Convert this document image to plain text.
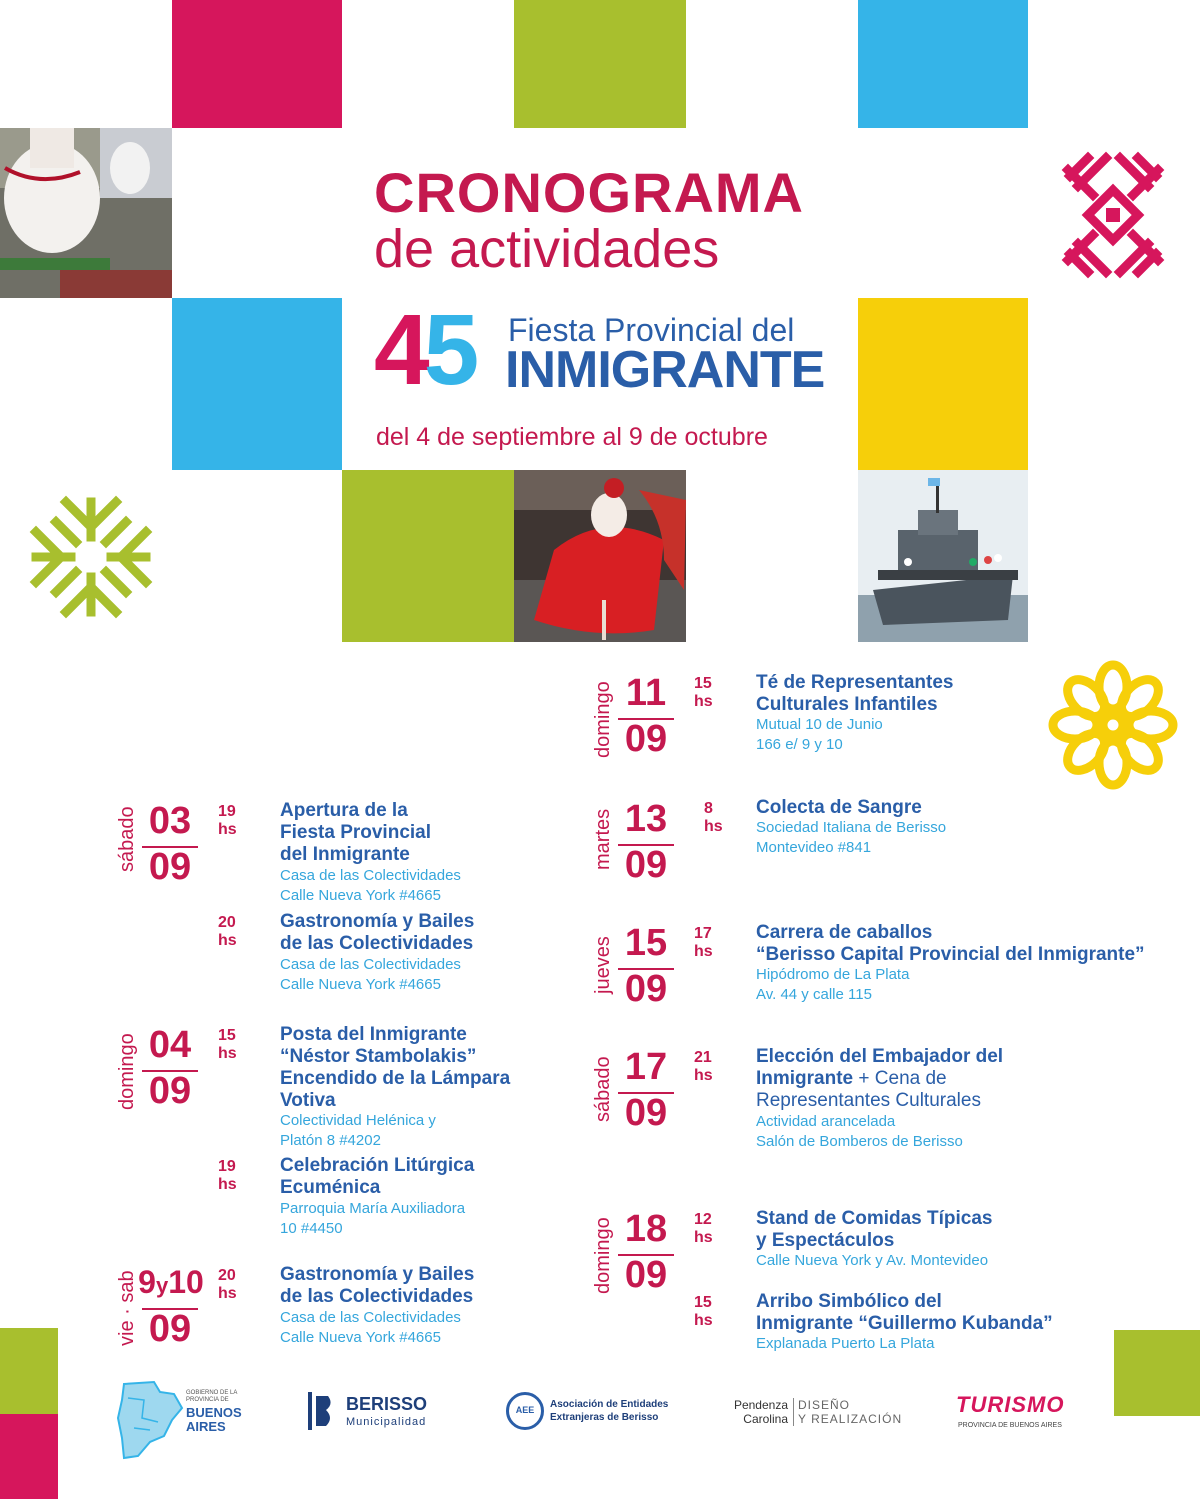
CRONOGRAMA
de actividades
45 Fiesta Provincial del
INMIGRANTE
del 4 de septiembre al 9 de octubre
sábado 03
09
19 hs
Apertura de la
Fiesta Provincial
del Inmigrante
Casa de las Colectividades
Calle Nueva York #4665
20 hs
Gastronomía y Bailes
de las Colectividades
Casa de las Colectividades
Calle Nueva York #4665
domingo 04
09
15 hs
Posta del Inmigrante
“Néstor Stambolakis”
Encendido de la Lámpara
Votiva
Colectividad Helénica y
Platón 8 #4202
19 hs
Celebración Litúrgica
Ecuménica
Parroquia María Auxiliadora
10 #4450
vie · sab 9y10
09
20 hs
Gastronomía y Bailes
de las Colectividades
Casa de las Colectividades
Calle Nueva York #4665
domingo 11
09
15 hs
Té de Representantes
Culturales Infantiles
Mutual 10 de Junio
166 e/ 9 y 10
martes 13
09
8 hs
Colecta de Sangre
Sociedad Italiana de Berisso
Montevideo #841
jueves 15
09
17 hs
Carrera de caballos
“Berisso Capital Provincial del Inmigrante”
Hipódromo de La Plata
Av. 44 y calle 115
sábado 17
09
21 hs
Elección del Embajador del
Inmigrante + Cena de
Representantes Culturales
Actividad arancelada
Salón de Bomberos de Berisso
domingo 18
09
12 hs
Stand de Comidas Típicas
y Espectáculos
Calle Nueva York y Av. Montevideo
15 hs
Arribo Simbólico del
Inmigrante “Guillermo Kubanda”
Explanada Puerto La Plata
GOBIERNO DE LA
PROVINCIA DE
BUENOS
AIRES
BERISSO
Municipalidad
AEE	Asociación de Entidades
Extranjeras de Berisso
Pendenza
Carolina
DISEÑO
Y REALIZACIÓN
TURISMO
PROVINCIA DE BUENOS AIRES
